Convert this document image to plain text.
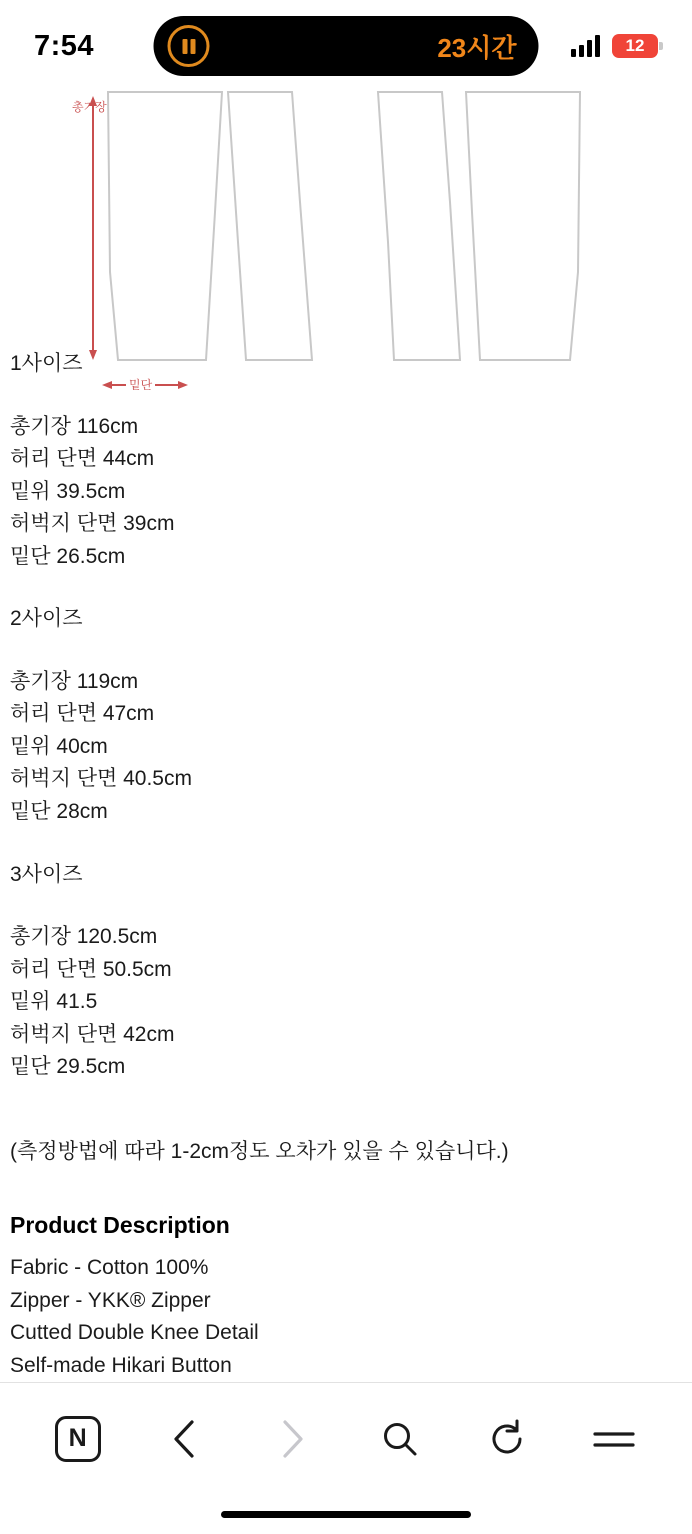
7:54	23시간	12
총기장
밑단
1사이즈
총기장 116cm
허리 단면 44cm
밑위 39.5cm
허벅지 단면 39cm
밑단 26.5cm
2사이즈
총기장 119cm
허리 단면 47cm
밑위 40cm
허벅지 단면 40.5cm
밑단 28cm
3사이즈
총기장 120.5cm
허리 단면 50.5cm
밑위 41.5
허벅지 단면 42cm
밑단 29.5cm
(측정방법에 따라 1-2cm정도 오차가 있을 수 있습니다.)
Product Description
Fabric - Cotton 100%
Zipper - YKK® Zipper
Cutted Double Knee Detail
Self-made Hikari Button
N
